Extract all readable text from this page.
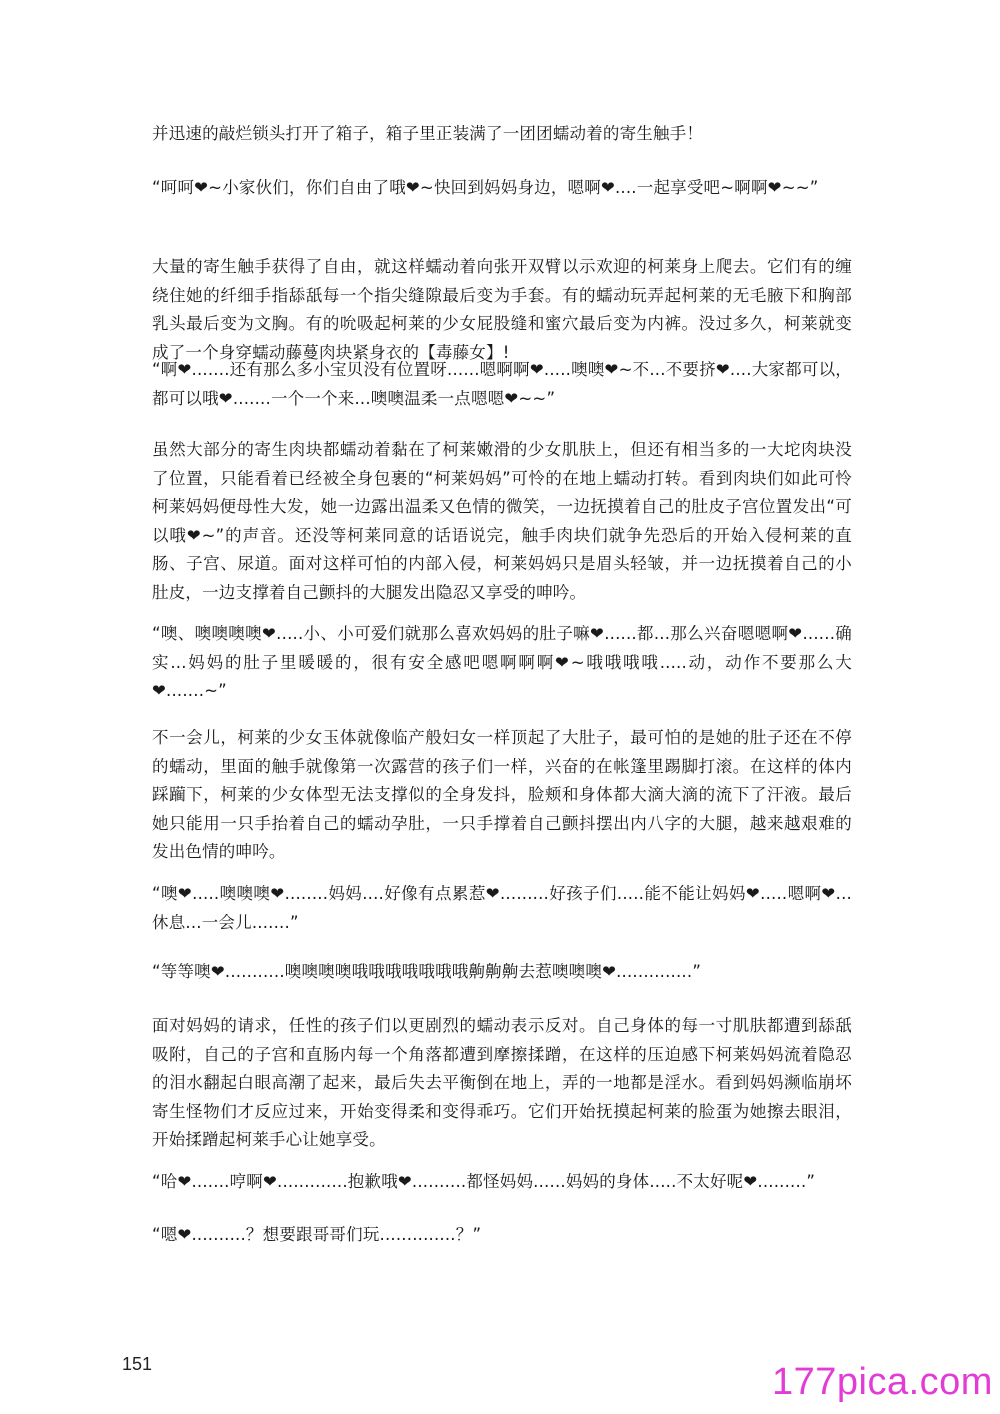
并迅速的敲烂锁头打开了箱子，箱子里正装满了一团团蠕动着的寄生触手！

“呵呵❤~小家伙们，你们自由了哦❤~快回到妈妈身边，嗯啊❤....一起享受吧~啊啊❤~~”

大量的寄生触手获得了自由，就这样蠕动着向张开双臂以示欢迎的柯莱身上爬去。它们有的缠绕住她的纤细手指舔舐每一个指尖缝隙最后变为手套。有的蠕动玩弄起柯莱的无毛腋下和胸部乳头最后变为文胸。有的吮吸起柯莱的少女屁股缝和蜜穴最后变为内裤。没过多久，柯莱就变成了一个身穿蠕动藤蔓肉块紧身衣的【毒藤女】!

“啊❤.......还有那么多小宝贝没有位置呀......嗯啊啊❤.....噢噢❤~不...不要挤❤....大家都可以，都可以哦❤.......一个一个来...噢噢温柔一点嗯嗯❤~~”

虽然大部分的寄生肉块都蠕动着黏在了柯莱嫩滑的少女肌肤上，但还有相当多的一大坨肉块没了位置，只能看着已经被全身包裹的“柯莱妈妈”可怜的在地上蠕动打转。看到肉块们如此可怜柯莱妈妈便母性大发，她一边露出温柔又色情的微笑，一边抚摸着自己的肚皮子宫位置发出“可以哦❤~”的声音。还没等柯莱同意的话语说完，触手肉块们就争先恐后的开始入侵柯莱的直肠、子宫、尿道。面对这样可怕的内部入侵，柯莱妈妈只是眉头轻皱，并一边抚摸着自己的小肚皮，一边支撑着自己颤抖的大腿发出隐忍又享受的呻吟。

“噢、噢噢噢噢❤.....小、小可爱们就那么喜欢妈妈的肚子嘛❤......都...那么兴奋嗯嗯啊❤......确实...妈妈的肚子里暖暖的，很有安全感吧嗯啊啊啊❤~哦哦哦哦.....动，动作不要那么大❤.......~”

不一会儿，柯莱的少女玉体就像临产般妇女一样顶起了大肚子，最可怕的是她的肚子还在不停的蠕动，里面的触手就像第一次露营的孩子们一样，兴奋的在帐篷里踢脚打滚。在这样的体内踩躏下，柯莱的少女体型无法支撑似的全身发抖，脸颊和身体都大滴大滴的流下了汗液。最后她只能用一只手抬着自己的蠕动孕肚，一只手撑着自己颤抖摆出内八字的大腿，越来越艰难的发出色情的呻吟。

“噢❤.....噢噢噢❤........妈妈....好像有点累惹❤.........好孩子们.....能不能让妈妈❤.....嗯啊❤...休息...一会儿.......”

“等等噢❤...........噢噢噢噢哦哦哦哦哦哦哦齁齁齁去惹噢噢噢❤..............”

面对妈妈的请求，任性的孩子们以更剧烈的蠕动表示反对。自己身体的每一寸肌肤都遭到舔舐吸附，自己的子宫和直肠内每一个角落都遭到摩擦揉蹭，在这样的压迫感下柯莱妈妈流着隐忍的泪水翻起白眼高潮了起来，最后失去平衡倒在地上，弄的一地都是淫水。看到妈妈濒临崩坏寄生怪物们才反应过来，开始变得柔和变得乖巧。它们开始抚摸起柯莱的脸蛋为她擦去眼泪，开始揉蹭起柯莱手心让她享受。

“哈❤.......哼啊❤.............抱歉哦❤..........都怪妈妈......妈妈的身体.....不太好呢❤.........”

“嗯❤..........？想要跟哥哥们玩..............？”

151	177pica.com
